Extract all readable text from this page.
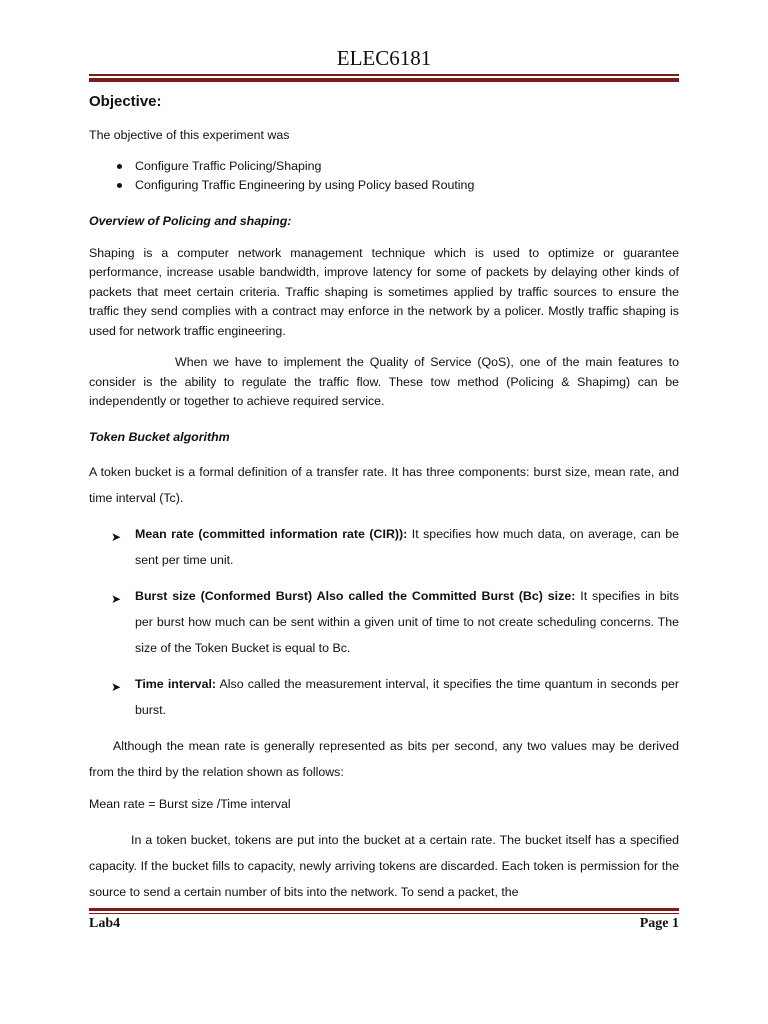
ELEC6181
Objective:

The objective of this experiment was

Configure Traffic Policing/Shaping
Configuring Traffic Engineering by using Policy based Routing
Overview of Policing and shaping:

Shaping is a computer network management technique which is used to optimize or guarantee performance, increase usable bandwidth, improve latency for some of packets by delaying other kinds of packets that meet certain criteria. Traffic shaping is sometimes applied by traffic sources to ensure the traffic they send complies with a contract may enforce in the network by a policer. Mostly traffic shaping is used for network traffic engineering.

When we have to implement the Quality of Service (QoS), one of the main features to consider is the ability to regulate the traffic flow. These tow method (Policing & Shapimg) can be independently or together to achieve required service.

Token Bucket algorithm

A token bucket is a formal definition of a transfer rate. It has three components: burst size, mean rate, and time interval (Tc).

➤ Mean rate (committed information rate (CIR)): It specifies how much data, on average, can be sent per time unit.
➤ Burst size (Conformed Burst) Also called the Committed Burst (Bc) size: It specifies in bits per burst how much can be sent within a given unit of time to not create scheduling concerns. The size of the Token Bucket is equal to Bc.
➤ Time interval: Also called the measurement interval, it specifies the time quantum in seconds per burst.

Although the mean rate is generally represented as bits per second, any two values may be derived from the third by the relation shown as follows:

Mean rate = Burst size /Time interval

In a token bucket, tokens are put into the bucket at a certain rate. The bucket itself has a specified capacity. If the bucket fills to capacity, newly arriving tokens are discarded. Each token is permission for the source to send a certain number of bits into the network. To send a packet, the

Lab4	Page 1
